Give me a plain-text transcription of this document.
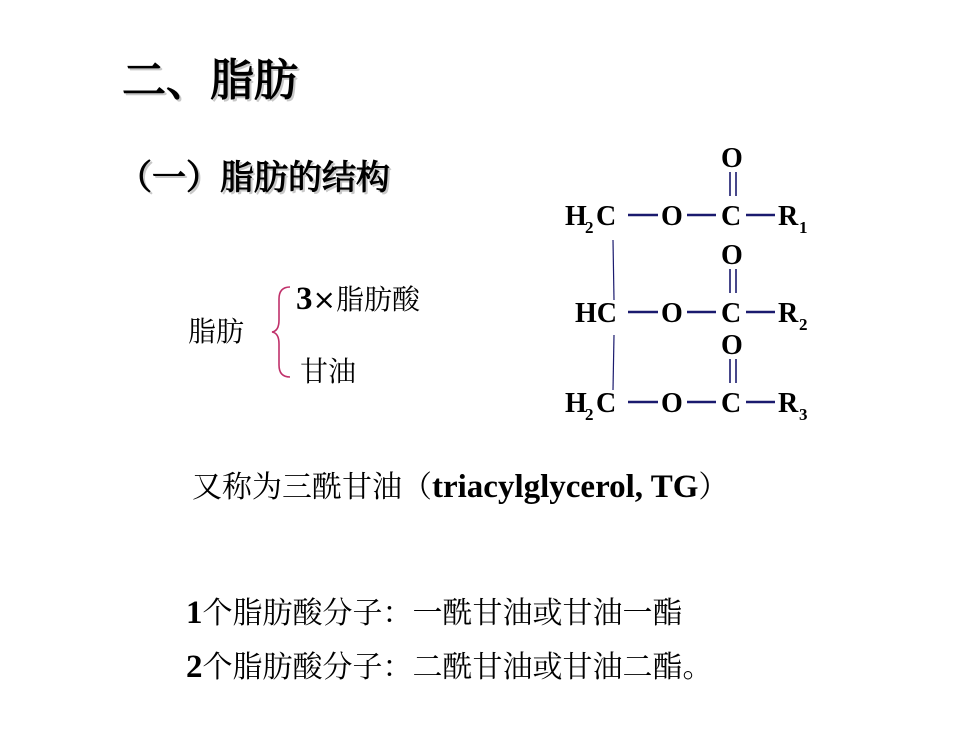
二、脂肪
（一）脂肪的结构
脂肪
3×脂肪酸
甘油
H
2 C O C
O
R 1
HC O C
O
R 2
H
2 C O C
O
R 3
又称为三酰甘油（triacylglycerol, TG）
1个脂肪酸分子：一酰甘油或甘油一酯
2个脂肪酸分子：二酰甘油或甘油二酯。
